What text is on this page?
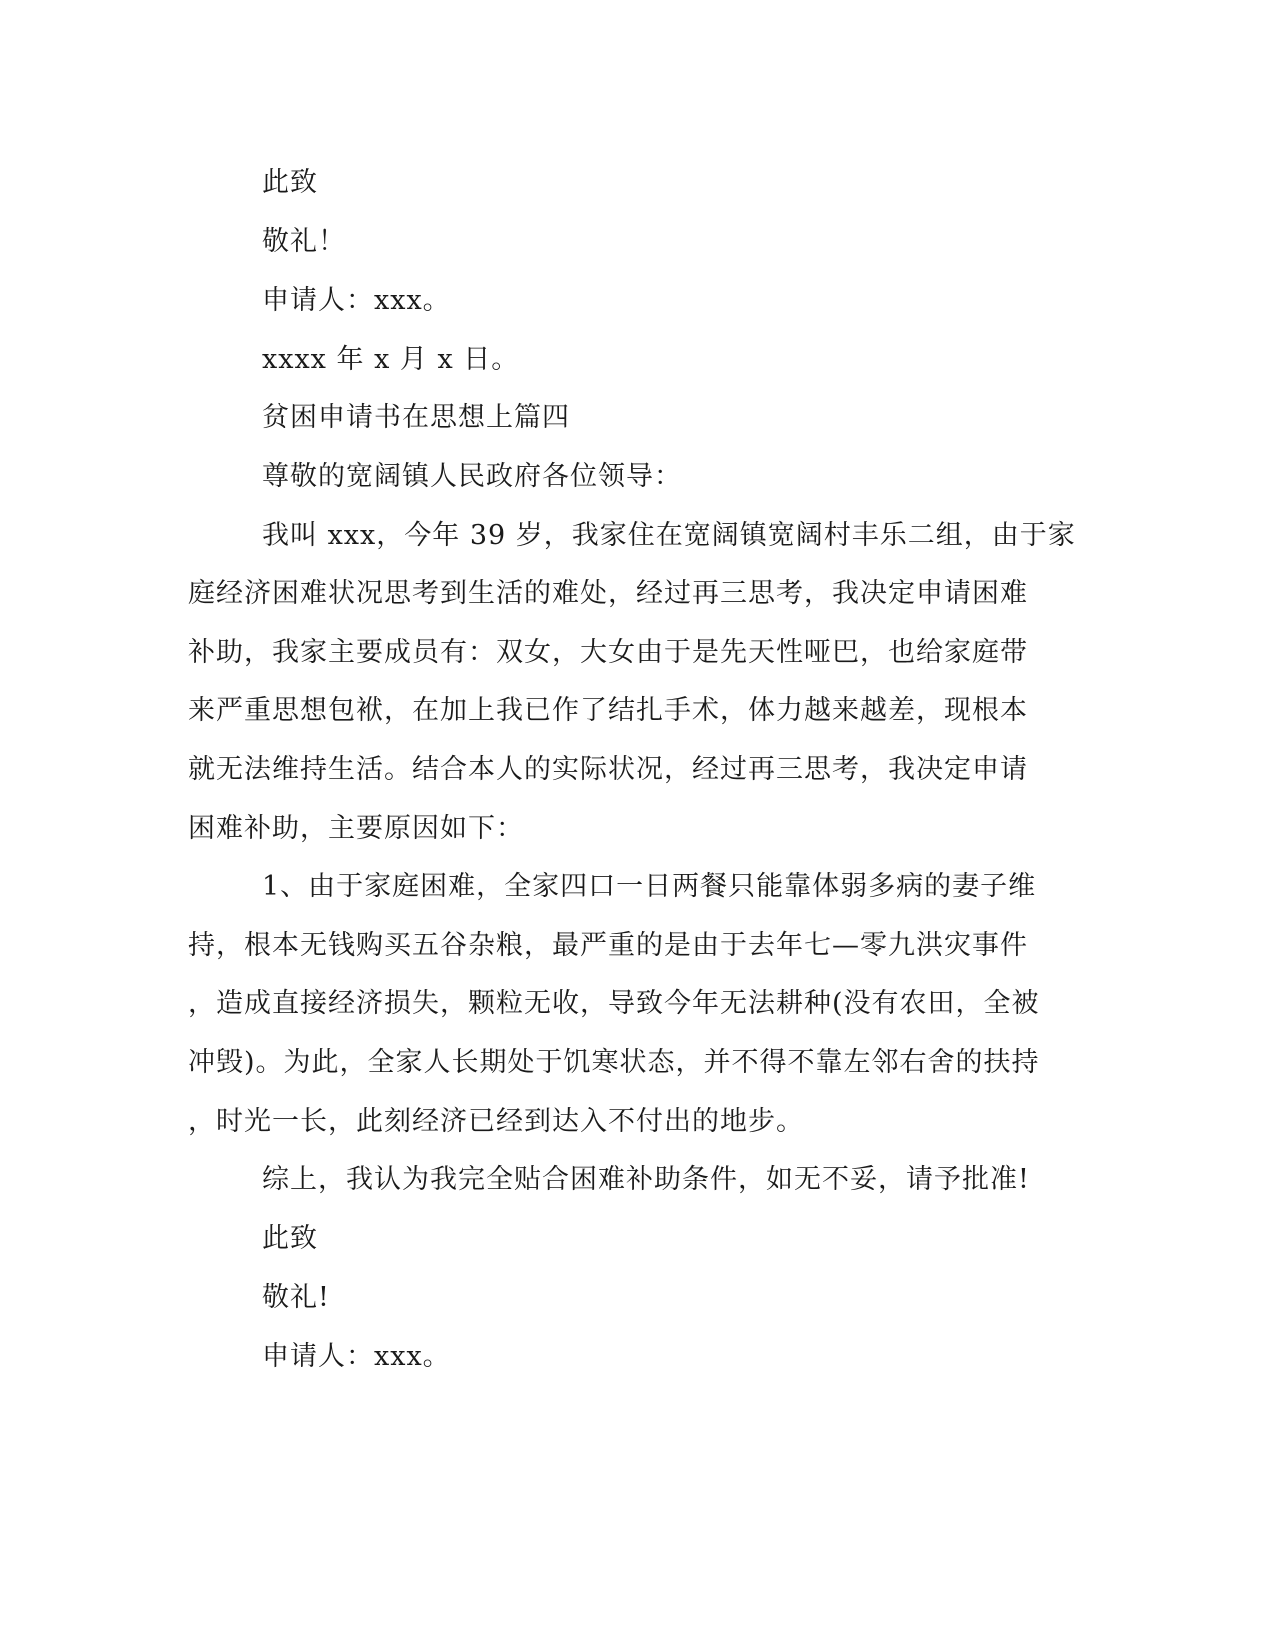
此致
敬礼！
申请人：xxx。
xxxx 年 x 月 x 日。
贫困申请书在思想上篇四
尊敬的宽阔镇人民政府各位领导：
我叫 xxx，今年 39 岁，我家住在宽阔镇宽阔村丰乐二组，由于家
庭经济困难状况思考到生活的难处，经过再三思考，我决定申请困难
补助，我家主要成员有：双女，大女由于是先天性哑巴，也给家庭带
来严重思想包袱，在加上我已作了结扎手术，体力越来越差，现根本
就无法维持生活。结合本人的实际状况，经过再三思考，我决定申请
困难补助，主要原因如下：
1、由于家庭困难，全家四口一日两餐只能靠体弱多病的妻子维
持，根本无钱购买五谷杂粮，最严重的是由于去年七—零九洪灾事件
，造成直接经济损失，颗粒无收，导致今年无法耕种(没有农田，全被
冲毁)。为此，全家人长期处于饥寒状态，并不得不靠左邻右舍的扶持
，时光一长，此刻经济已经到达入不付出的地步。
综上，我认为我完全贴合困难补助条件，如无不妥，请予批准!
此致
敬礼!
申请人：xxx。
